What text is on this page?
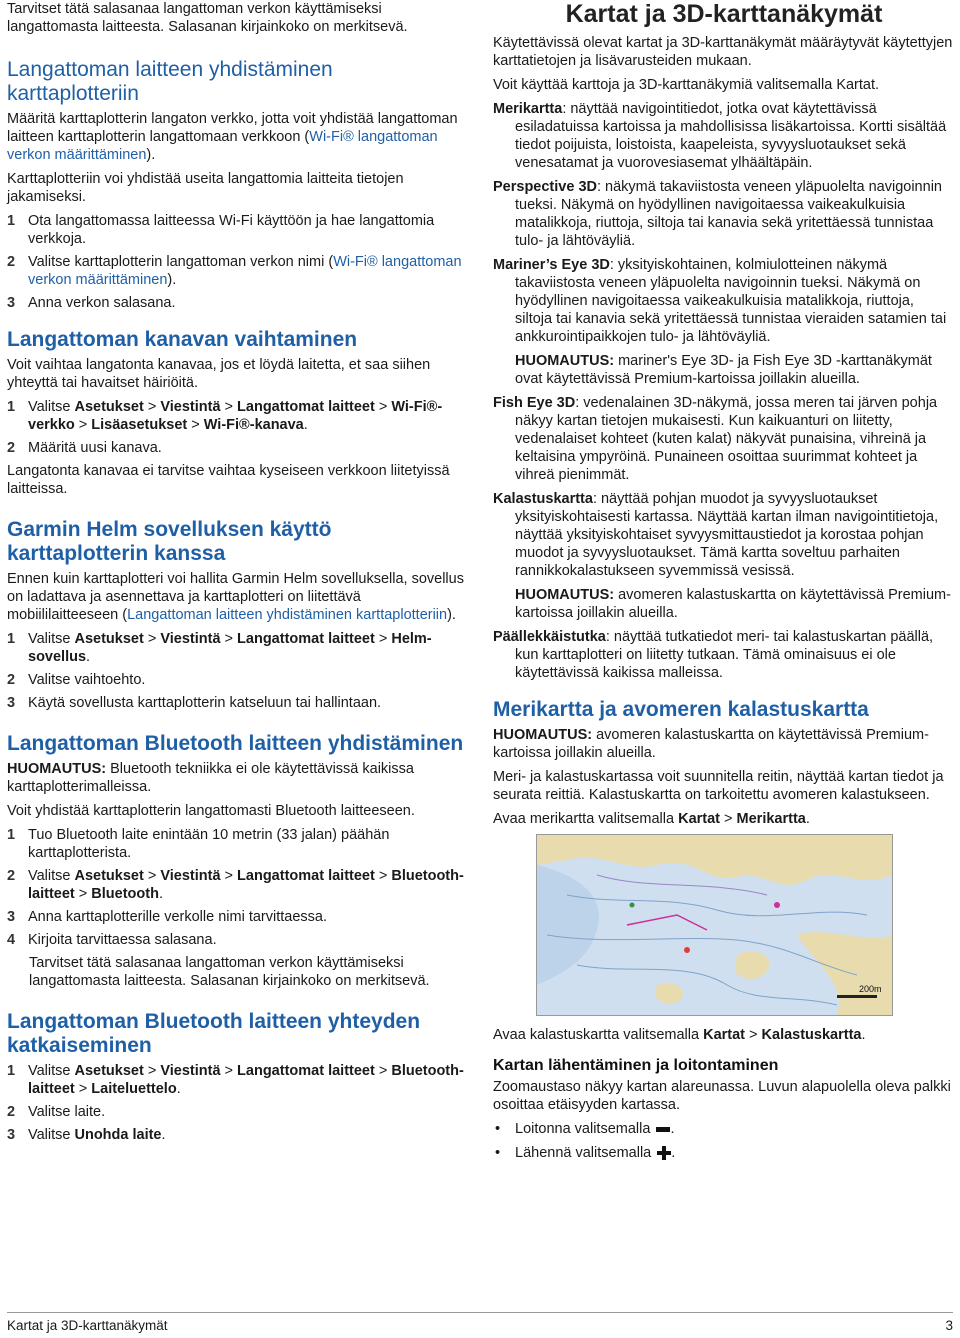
Tarvitset tätä salasanaa langattoman verkon käyttämiseksi langattomasta laitteesta. Salasanan kirjainkoko on merkitsevä.

Langattoman laitteen yhdistäminen karttaplotteriin

Määritä karttaplotterin langaton verkko, jotta voit yhdistää langattoman laitteen karttaplotterin langattomaan verkkoon (Wi-Fi® langattoman verkon määrittäminen).

Karttaplotteriin voi yhdistää useita langattomia laitteita tietojen jakamiseksi.

1 Ota langattomassa laitteessa Wi-Fi käyttöön ja hae langattomia verkkoja.
2 Valitse karttaplotterin langattoman verkon nimi (Wi-Fi® langattoman verkon määrittäminen).
3 Anna verkon salasana.
Langattoman kanavan vaihtaminen

Voit vaihtaa langatonta kanavaa, jos et löydä laitetta, et saa siihen yhteyttä tai havaitset häiriöitä.

1 Valitse Asetukset > Viestintä > Langattomat laitteet > Wi-Fi®-verkko > Lisäasetukset > Wi-Fi®-kanava.
2 Määritä uusi kanava.

Langatonta kanavaa ei tarvitse vaihtaa kyseiseen verkkoon liitetyissä laitteissa.

Garmin Helm sovelluksen käyttö karttaplotterin kanssa

Ennen kuin karttaplotteri voi hallita Garmin Helm sovelluksella, sovellus on ladattava ja asennettava ja karttaplotteri on liitettävä mobiililaitteeseen (Langattoman laitteen yhdistäminen karttaplotteriin).

1 Valitse Asetukset > Viestintä > Langattomat laitteet > Helm-sovellus.
2 Valitse vaihtoehto.
3 Käytä sovellusta karttaplotterin katseluun tai hallintaan.
Langattoman Bluetooth laitteen yhdistäminen

HUOMAUTUS: Bluetooth tekniikka ei ole käytettävissä kaikissa karttaplotterimalleissa.

Voit yhdistää karttaplotterin langattomasti Bluetooth laitteeseen.

1 Tuo Bluetooth laite enintään 10 metrin (33 jalan) päähän karttaplotterista.
2 Valitse Asetukset > Viestintä > Langattomat laitteet > Bluetooth-laitteet > Bluetooth.
3 Anna karttaplotterille verkolle nimi tarvittaessa.
4 Kirjoita tarvittaessa salasana.

Tarvitset tätä salasanaa langattoman verkon käyttämiseksi langattomasta laitteesta. Salasanan kirjainkoko on merkitsevä.

Langattoman Bluetooth laitteen yhteyden katkaiseminen
1 Valitse Asetukset > Viestintä > Langattomat laitteet > Bluetooth-laitteet > Laiteluettelo.
2 Valitse laite.
3 Valitse Unohda laite.
Kartat ja 3D-karttanäkymät

Käytettävissä olevat kartat ja 3D-karttanäkymät määräytyvät käytettyjen karttatietojen ja lisävarusteiden mukaan.

Voit käyttää karttoja ja 3D-karttanäkymiä valitsemalla Kartat.

Merikartta: näyttää navigointitiedot, jotka ovat käytettävissä esiladatuissa kartoissa ja mahdollisissa lisäkartoissa. Kortti sisältää tiedot poijuista, loistoista, kaapeleista, syvyysluotaukset sekä venesatamat ja vuorovesiasemat ylhäältäpäin.
Perspective 3D: näkymä takaviistosta veneen yläpuolelta navigoinnin tueksi. Näkymä on hyödyllinen navigoitaessa vaikeakulkuisia matalikkoja, riuttoja, siltoja tai kanavia sekä yritettäessä tunnistaa tulo- ja lähtöväyliä.
Mariner’s Eye 3D: yksityiskohtainen, kolmiulotteinen näkymä takaviistosta veneen yläpuolelta navigoinnin tueksi. Näkymä on hyödyllinen navigoitaessa vaikeakulkuisia matalikkoja, riuttoja, siltoja tai kanavia sekä yritettäessä tunnistaa vieraiden satamien tai ankkurointipaikkojen tulo- ja lähtöväyliä.

HUOMAUTUS: mariner's Eye 3D- ja Fish Eye 3D -karttanäkymät ovat käytettävissä Premium-kartoissa joillakin alueilla.

Fish Eye 3D: vedenalainen 3D-näkymä, jossa meren tai järven pohja näkyy kartan tietojen mukaisesti. Kun kaikuanturi on liitetty, vedenalaiset kohteet (kuten kalat) näkyvät punaisina, vihreinä ja keltaisina ympyröinä. Punaineen osoittaa suurimmat kohteet ja vihreä pienimmät.
Kalastuskartta: näyttää pohjan muodot ja syvyysluotaukset yksityiskohtaisesti kartassa. Näyttää kartan ilman navigointitietoja, näyttää yksityiskohtaiset syvyysmittaustiedot ja korostaa pohjan muodot ja syvyysluotaukset. Tämä kartta soveltuu parhaiten rannikkokalastukseen syvemmissä vesissä.

HUOMAUTUS: avomeren kalastuskartta on käytettävissä Premium-kartoissa joillakin alueilla.

Päällekkäistutka: näyttää tutkatiedot meri- tai kalastuskartan päällä, kun karttaplotteri on liitetty tutkaan. Tämä ominaisuus ei ole käytettävissä kaikissa malleissa.
Merikartta ja avomeren kalastuskartta

HUOMAUTUS: avomeren kalastuskartta on käytettävissä Premium-kartoissa joillakin alueilla.

Meri- ja kalastuskartassa voit suunnitella reitin, näyttää kartan tiedot ja seurata reittiä. Kalastuskartta on tarkoitettu avomeren kalastukseen.

Avaa merikartta valitsemalla Kartat > Merikartta.

200m

Avaa kalastuskartta valitsemalla Kartat > Kalastuskartta.

Kartan lähentäminen ja loitontaminen

Zoomaustaso näkyy kartan alareunassa. Luvun alapuolella oleva palkki osoittaa etäisyyden kartassa.

• Loitonna valitsemalla .
• Lähennä valitsemalla .
Kartat ja 3D-karttanäkymät	3
